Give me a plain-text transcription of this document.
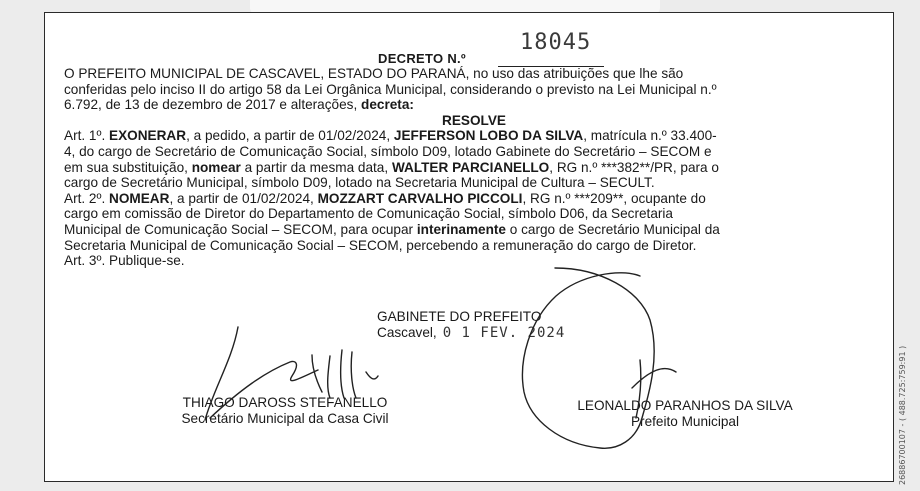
18045
DECRETO N.º
O PREFEITO MUNICIPAL DE CASCAVEL, ESTADO DO PARANÁ, no uso das atribuições que lhe são
conferidas pelo inciso II do artigo 58 da Lei Orgânica Municipal, considerando o previsto na Lei Municipal n.º
6.792, de 13 de dezembro de 2017 e alterações, decreta:
RESOLVE
Art. 1º. EXONERAR, a pedido, a partir de 01/02/2024, JEFFERSON LOBO DA SILVA, matrícula n.º 33.400-
4, do cargo de Secretário de Comunicação Social, símbolo D09, lotado Gabinete do Secretário – SECOM e
em sua substituição, nomear a partir da mesma data, WALTER PARCIANELLO, RG n.º ***382**/PR, para o
cargo de Secretário Municipal, símbolo D09, lotado na Secretaria Municipal de Cultura – SECULT.
Art. 2º. NOMEAR, a partir de 01/02/2024, MOZZART CARVALHO PICCOLI, RG n.º ***209**, ocupante do
cargo em comissão de Diretor do Departamento de Comunicação Social, símbolo D06, da Secretaria
Municipal de Comunicação Social – SECOM, para ocupar interinamente o cargo de Secretário Municipal da
Secretaria Municipal de Comunicação Social – SECOM, percebendo a remuneração do cargo de Diretor.
Art. 3º. Publique-se.
GABINETE DO PREFEITO
Cascavel, 0 1 FEV. 2024
THIAGO DAROSS STEFANELLO
Secretário Municipal da Casa Civil
LEONALDO PARANHOS DA SILVA
Prefeito Municipal	26886700107 - ( 488.725:759:91 )
